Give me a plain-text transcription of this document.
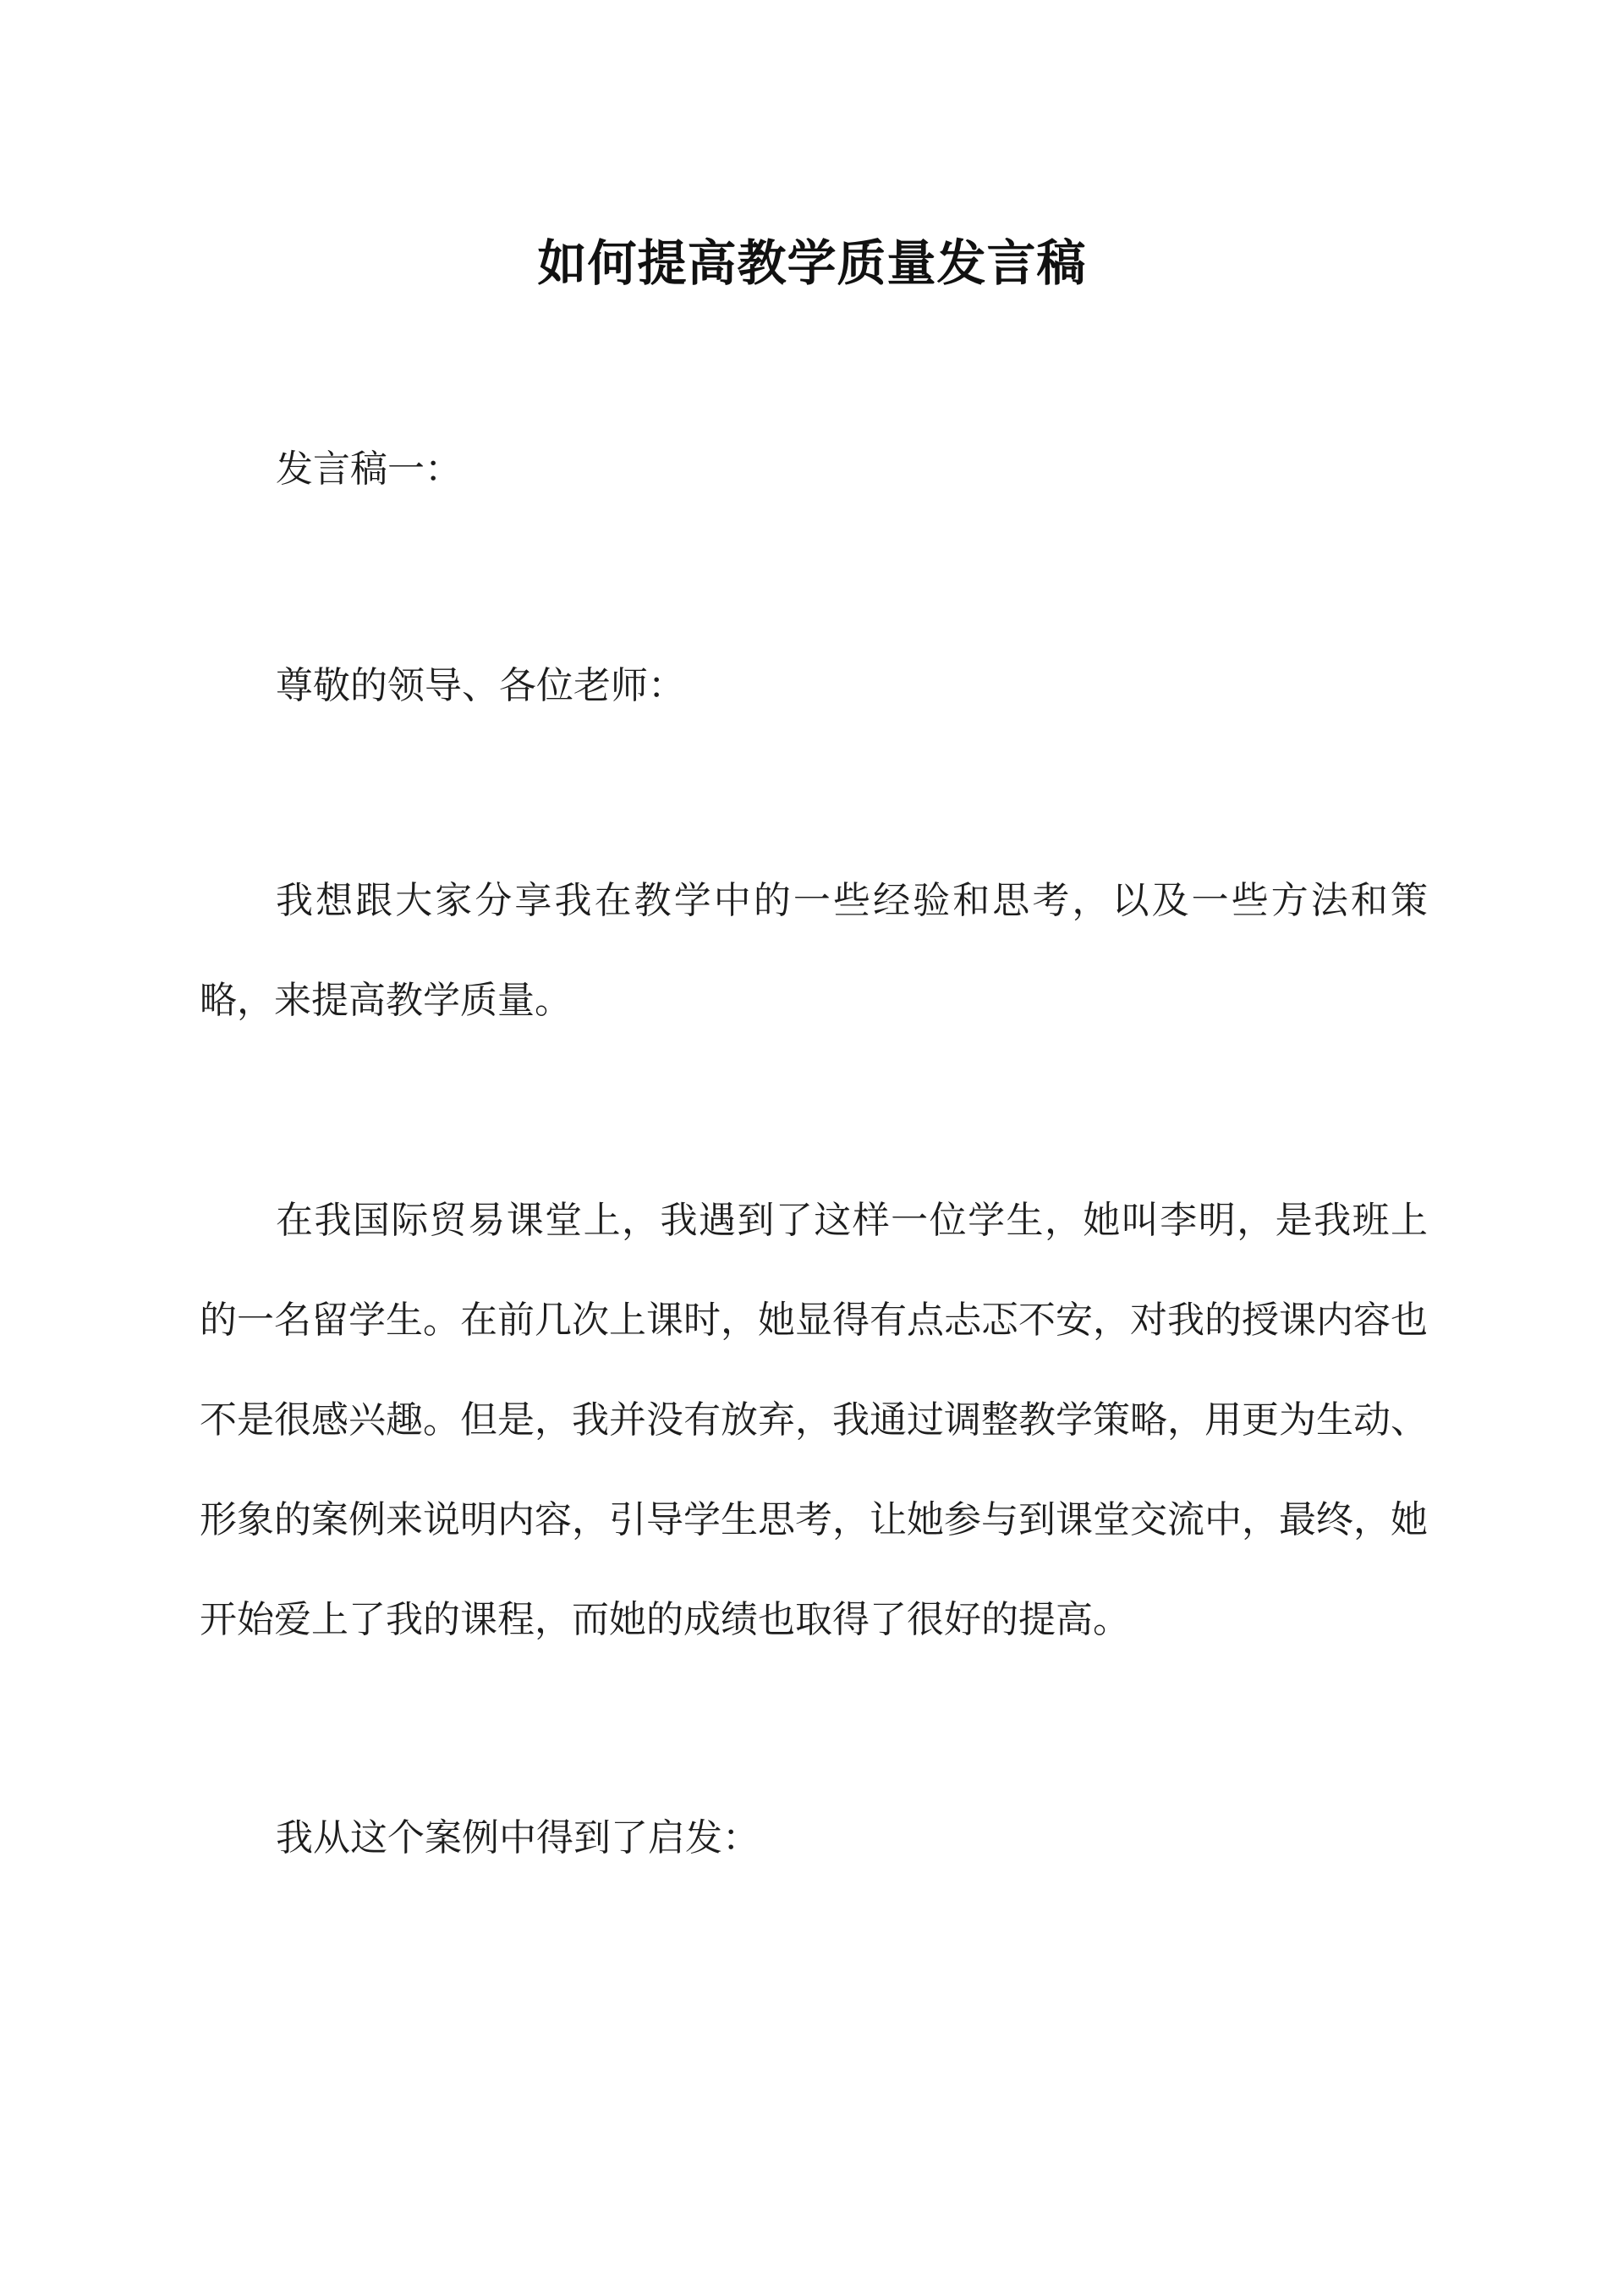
如何提高教学质量发言稿

发言稿一：

尊敬的领导、各位老师：

我想跟大家分享我在教学中的一些经验和思考，以及一些方法和策略，来提高教学质量。

在我国际贸易课堂上，我遇到了这样一位学生，她叫李明，是我班上的一名留学生。在前几次上课时，她显得有点忐忑不安，对我的授课内容也不是很感兴趣。但是，我并没有放弃，我通过调整教学策略，用更为生动、形象的案例来说明内容，引导学生思考，让她参与到课堂交流中，最终，她开始爱上了我的课程，而她的成绩也取得了很好的提高。

我从这个案例中得到了启发：
